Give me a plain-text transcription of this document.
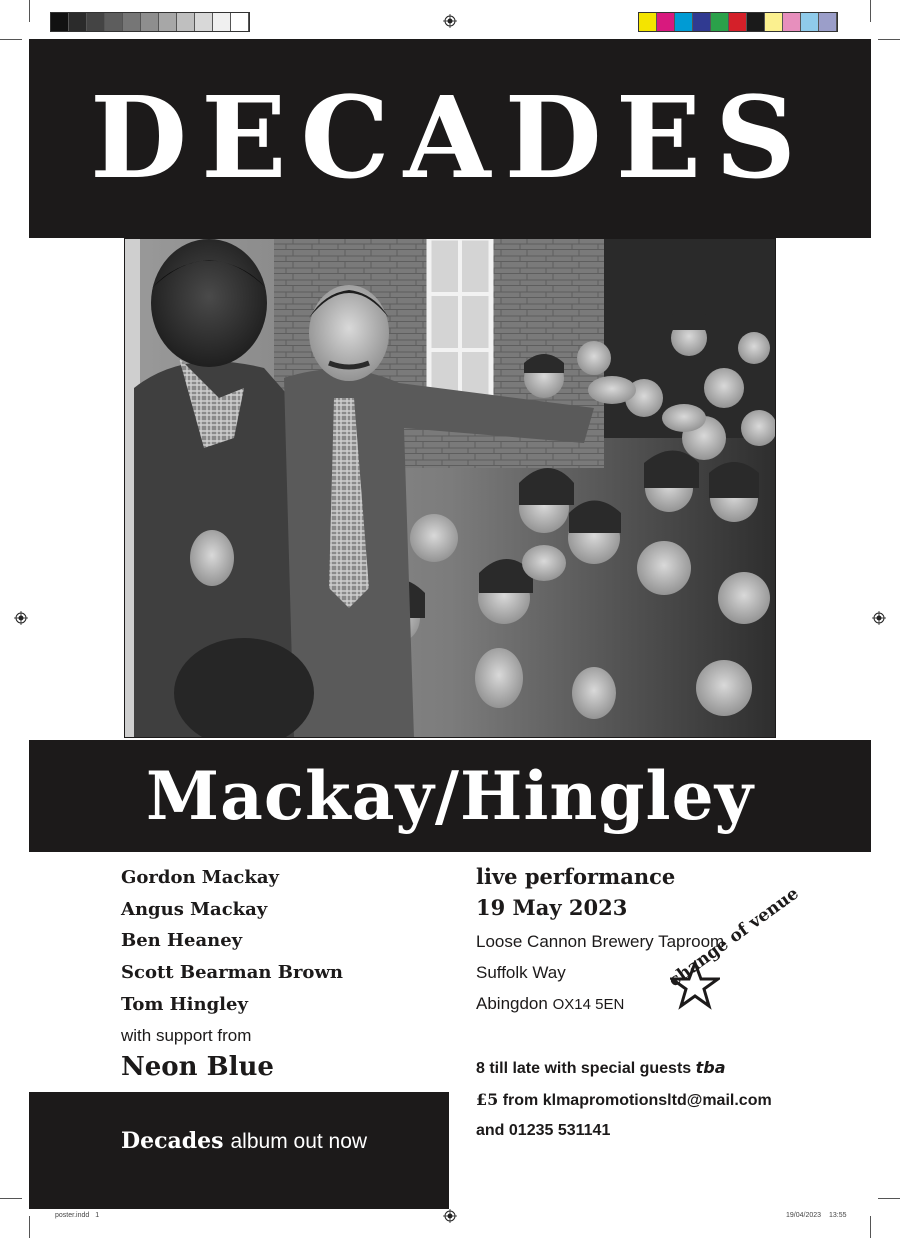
DECADES
Mackay/Hingley
Gordon Mackay
Angus Mackay
Ben Heaney
Scott Bearman Brown
Tom Hingley
with support from
Neon Blue
live performance
19 May 2023
Loose Cannon Brewery Taproom
Suffolk Way
Abingdon OX14 5EN
change of venue
8 till late with special guests tba
£5 from klmapromotionsltd@mail.com
and 01235 531141
Decades album out now
poster.indd 1	19/04/2023 13:55
